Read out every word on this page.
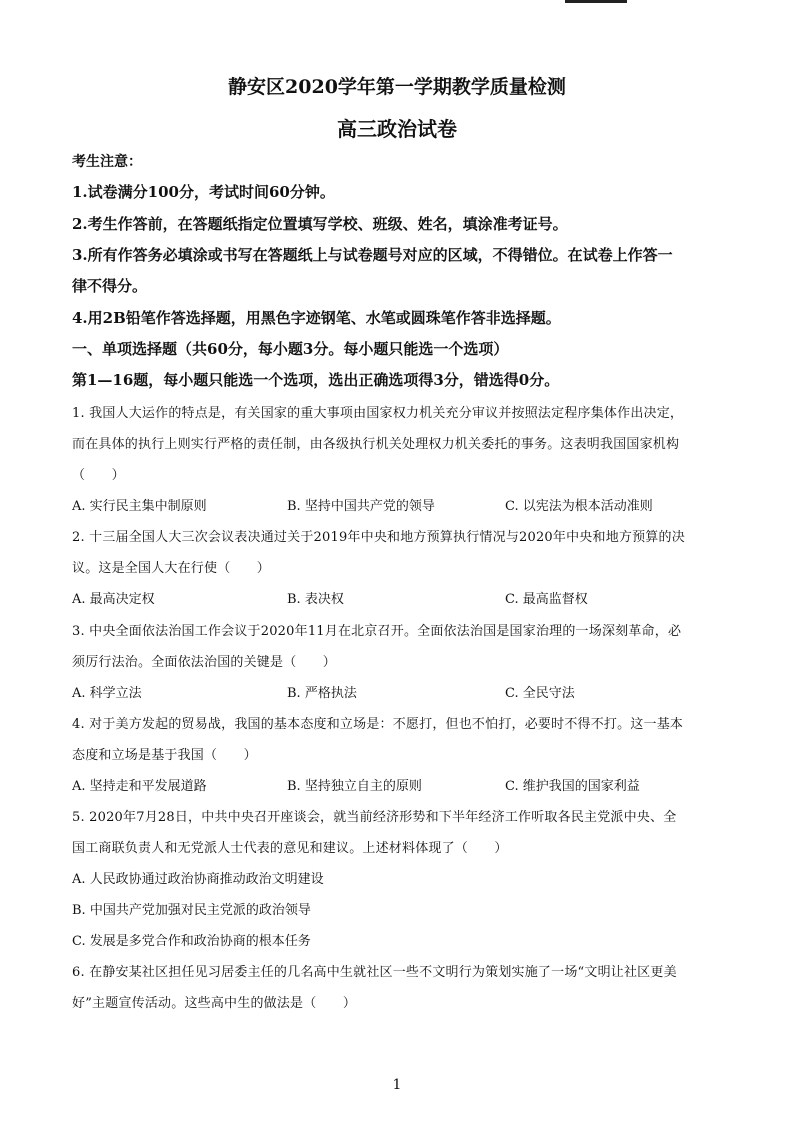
静安区2020学年第一学期教学质量检测
高三政治试卷
考生注意：
1.试卷满分100分，考试时间60分钟。
2.考生作答前，在答题纸指定位置填写学校、班级、姓名，填涂准考证号。
3.所有作答务必填涂或书写在答题纸上与试卷题号对应的区域，不得错位。在试卷上作答一
律不得分。
4.用2B铅笔作答选择题，用黑色字迹钢笔、水笔或圆珠笔作答非选择题。
一、单项选择题（共60分，每小题3分。每小题只能选一个选项）
第1—16题，每小题只能选一个选项，选出正确选项得3分，错选得0分。
1. 我国人大运作的特点是，有关国家的重大事项由国家权力机关充分审议并按照法定程序集体作出决定，
而在具体的执行上则实行严格的责任制，由各级执行机关处理权力机关委托的事务。这表明我国国家机构
（　　）
A. 实行民主集中制原则	B. 坚持中国共产党的领导	C. 以宪法为根本活动准则
2. 十三届全国人大三次会议表决通过关于2019年中央和地方预算执行情况与2020年中央和地方预算的决
议。这是全国人大在行使（　　）
A. 最高决定权	B. 表决权	C. 最高监督权
3. 中央全面依法治国工作会议于2020年11月在北京召开。全面依法治国是国家治理的一场深刻革命，必
须厉行法治。全面依法治国的关键是（　　）
A. 科学立法	B. 严格执法	C. 全民守法
4. 对于美方发起的贸易战，我国的基本态度和立场是：不愿打，但也不怕打，必要时不得不打。这一基本
态度和立场是基于我国（　　）
A. 坚持走和平发展道路	B. 坚持独立自主的原则	C. 维护我国的国家利益
5. 2020年7月28日，中共中央召开座谈会，就当前经济形势和下半年经济工作听取各民主党派中央、全
国工商联负责人和无党派人士代表的意见和建议。上述材料体现了（　　）
A. 人民政协通过政治协商推动政治文明建设
B. 中国共产党加强对民主党派的政治领导
C. 发展是多党合作和政治协商的根本任务
6. 在静安某社区担任见习居委主任的几名高中生就社区一些不文明行为策划实施了一场“文明让社区更美
好”主题宣传活动。这些高中生的做法是（　　）
1
